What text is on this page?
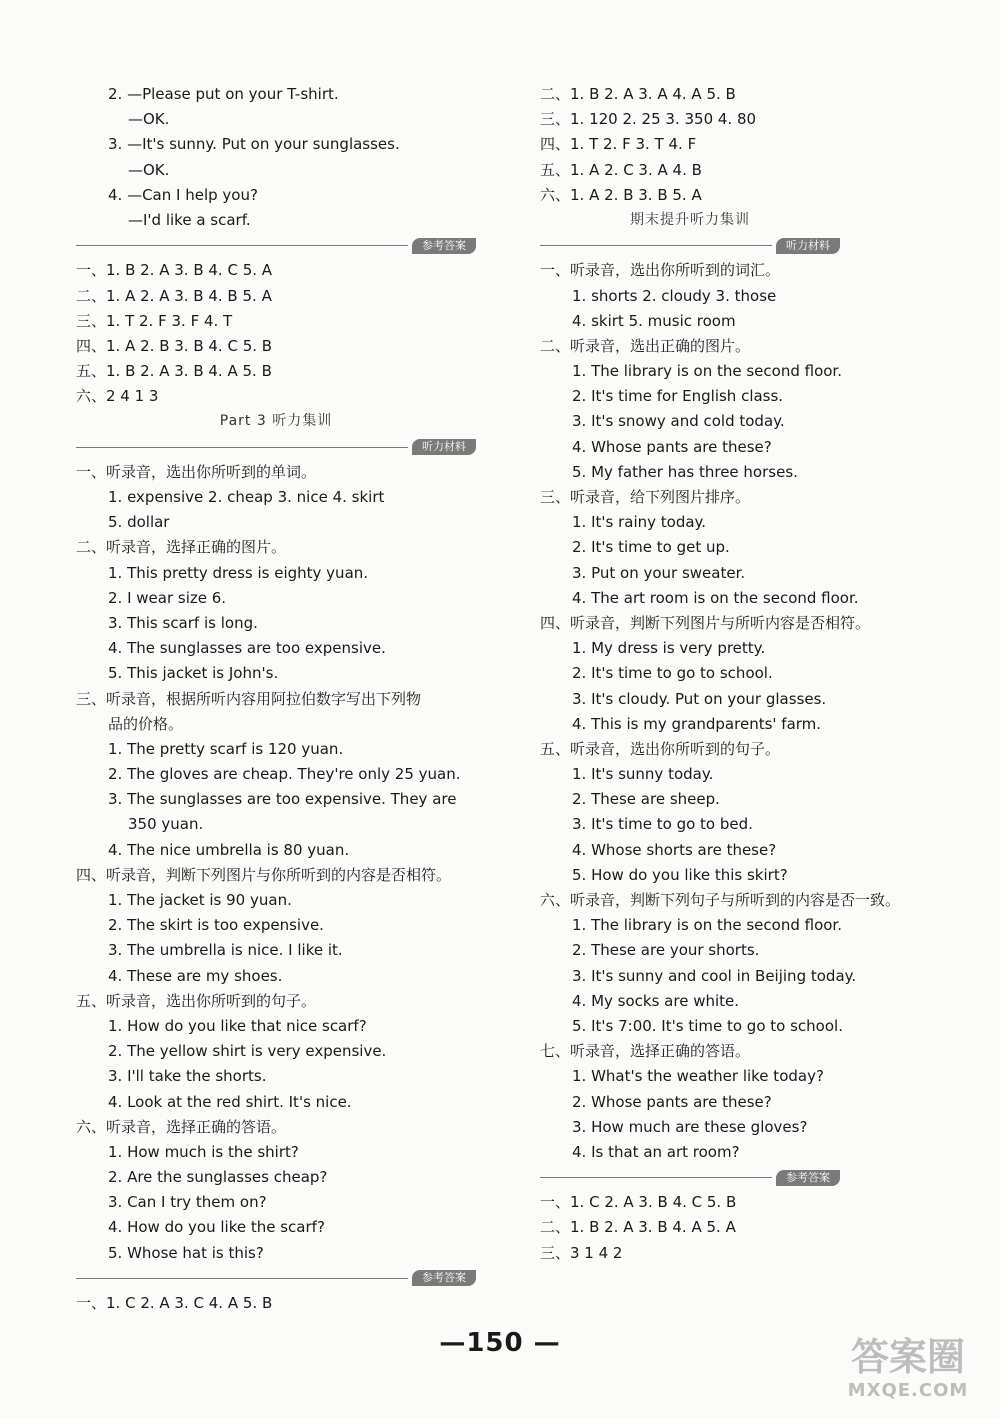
2. —Please put on your T-shirt.
—OK.
3. —It's sunny. Put on your sunglasses.
—OK.
4. —Can I help you?
—I'd like a scarf.
参考答案
一、1. B 2. A 3. B 4. C 5. A
二、1. A 2. A 3. B 4. B 5. A
三、1. T 2. F 3. F 4. T
四、1. A 2. B 3. B 4. C 5. B
五、1. B 2. A 3. B 4. A 5. B
六、2 4 1 3
Part 3 听力集训
听力材料
一、听录音，选出你所听到的单词。
1. expensive 2. cheap 3. nice 4. skirt
5. dollar
二、听录音，选择正确的图片。
1. This pretty dress is eighty yuan.
2. I wear size 6.
3. This scarf is long.
4. The sunglasses are too expensive.
5. This jacket is John's.
三、听录音，根据所听内容用阿拉伯数字写出下列物
品的价格。
1. The pretty scarf is 120 yuan.
2. The gloves are cheap. They're only 25 yuan.
3. The sunglasses are too expensive. They are
350 yuan.
4. The nice umbrella is 80 yuan.
四、听录音，判断下列图片与你所听到的内容是否相符。
1. The jacket is 90 yuan.
2. The skirt is too expensive.
3. The umbrella is nice. I like it.
4. These are my shoes.
五、听录音，选出你所听到的句子。
1. How do you like that nice scarf?
2. The yellow shirt is very expensive.
3. I'll take the shorts.
4. Look at the red shirt. It's nice.
六、听录音，选择正确的答语。
1. How much is the shirt?
2. Are the sunglasses cheap?
3. Can I try them on?
4. How do you like the scarf?
5. Whose hat is this?
参考答案
一、1. C 2. A 3. C 4. A 5. B
二、1. B 2. A 3. A 4. A 5. B
三、1. 120 2. 25 3. 350 4. 80
四、1. T 2. F 3. T 4. F
五、1. A 2. C 3. A 4. B
六、1. A 2. B 3. B 5. A
期末提升听力集训
听力材料
一、听录音，选出你所听到的词汇。
1. shorts 2. cloudy 3. those
4. skirt 5. music room
二、听录音，选出正确的图片。
1. The library is on the second floor.
2. It's time for English class.
3. It's snowy and cold today.
4. Whose pants are these?
5. My father has three horses.
三、听录音，给下列图片排序。
1. It's rainy today.
2. It's time to get up.
3. Put on your sweater.
4. The art room is on the second floor.
四、听录音，判断下列图片与所听内容是否相符。
1. My dress is very pretty.
2. It's time to go to school.
3. It's cloudy. Put on your glasses.
4. This is my grandparents' farm.
五、听录音，选出你所听到的句子。
1. It's sunny today.
2. These are sheep.
3. It's time to go to bed.
4. Whose shorts are these?
5. How do you like this skirt?
六、听录音，判断下列句子与所听到的内容是否一致。
1. The library is on the second floor.
2. These are your shorts.
3. It's sunny and cool in Beijing today.
4. My socks are white.
5. It's 7:00. It's time to go to school.
七、听录音，选择正确的答语。
1. What's the weather like today?
2. Whose pants are these?
3. How much are these gloves?
4. Is that an art room?
参考答案
一、1. C 2. A 3. B 4. C 5. B
二、1. B 2. A 3. B 4. A 5. A
三、3 1 4 2
—150 —	答案圈
MXQE.COM
